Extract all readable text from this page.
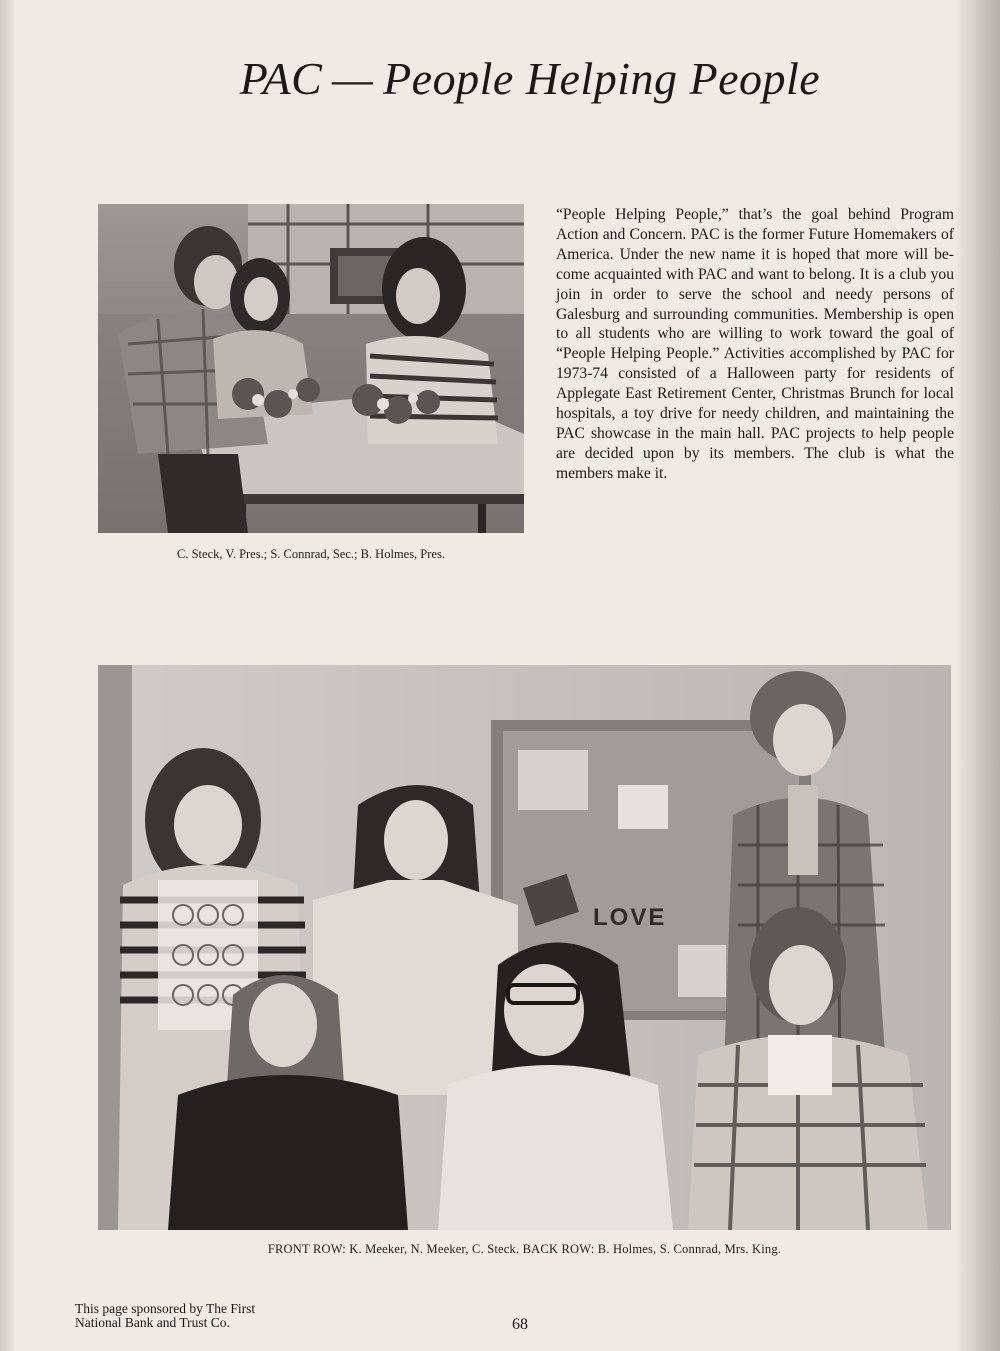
PAC — People Helping People

C. Steck, V. Pres.; S. Connrad, Sec.; B. Holmes, Pres.

“People Helping People,” that’s the goal behind Program Action and Concern. PAC is the former Future Homemakers of America. Under the new name it is hoped that more will become acquainted with PAC and want to belong. It is a club you join in order to serve the school and needy persons of Galesburg and surrounding communities. Membership is open to all students who are willing to work toward the goal of “People Helping People.” Activities accomplished by PAC for 1973-74 consisted of a Halloween party for residents of Applegate East Retirement Center, Christmas Brunch for local hospitals, a toy drive for needy children, and maintaining the PAC showcase in the main hall. PAC projects to help people are decided upon by its members. The club is what the members make it.

LOVE

FRONT ROW: K. Meeker, N. Meeker, C. Steck. BACK ROW: B. Holmes, S. Connrad, Mrs. King.

This page sponsored by The First
National Bank and Trust Co.	68
